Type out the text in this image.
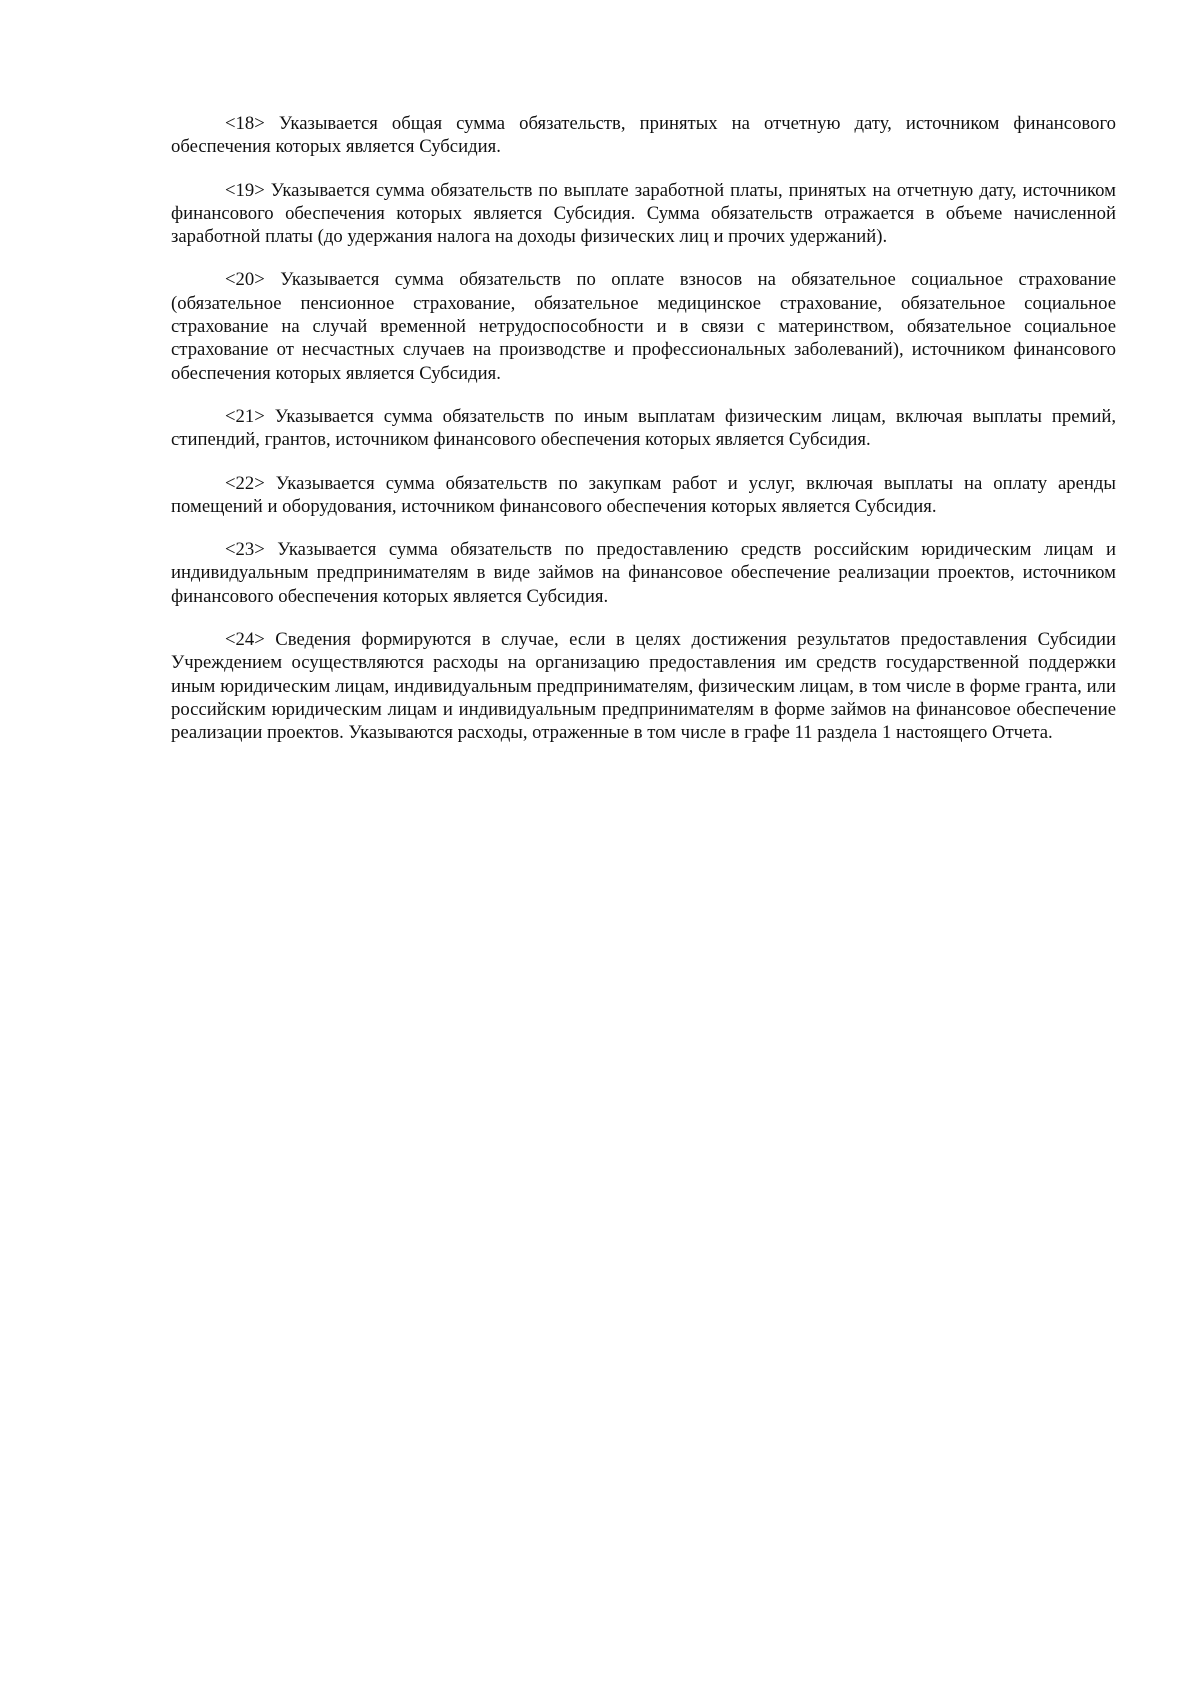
<18> Указывается общая сумма обязательств, принятых на отчетную дату, источником финансового обеспечения которых является Субсидия.

<19> Указывается сумма обязательств по выплате заработной платы, принятых на отчетную дату, источником финансового обеспечения которых является Субсидия. Сумма обязательств отражается в объеме начисленной заработной платы (до удержания налога на доходы физических лиц и прочих удержаний).

<20> Указывается сумма обязательств по оплате взносов на обязательное социальное страхование (обязательное пенсионное страхование, обязательное медицинское страхование, обязательное социальное страхование на случай временной нетрудоспособности и в связи с материнством, обязательное социальное страхование от несчастных случаев на производстве и профессиональных заболеваний), источником финансового обеспечения которых является Субсидия.

<21> Указывается сумма обязательств по иным выплатам физическим лицам, включая выплаты премий, стипендий, грантов, источником финансового обеспечения которых является Субсидия.

<22> Указывается сумма обязательств по закупкам работ и услуг, включая выплаты на оплату аренды помещений и оборудования, источником финансового обеспечения которых является Субсидия.

<23> Указывается сумма обязательств по предоставлению средств российским юридическим лицам и индивидуальным предпринимателям в виде займов на финансовое обеспечение реализации проектов, источником финансового обеспечения которых является Субсидия.

<24> Сведения формируются в случае, если в целях достижения результатов предоставления Субсидии Учреждением осуществляются расходы на организацию предоставления им средств государственной поддержки иным юридическим лицам, индивидуальным предпринимателям, физическим лицам, в том числе в форме гранта, или российским юридическим лицам и индивидуальным предпринимателям в форме займов на финансовое обеспечение реализации проектов. Указываются расходы, отраженные в том числе в графе 11 раздела 1 настоящего Отчета.
